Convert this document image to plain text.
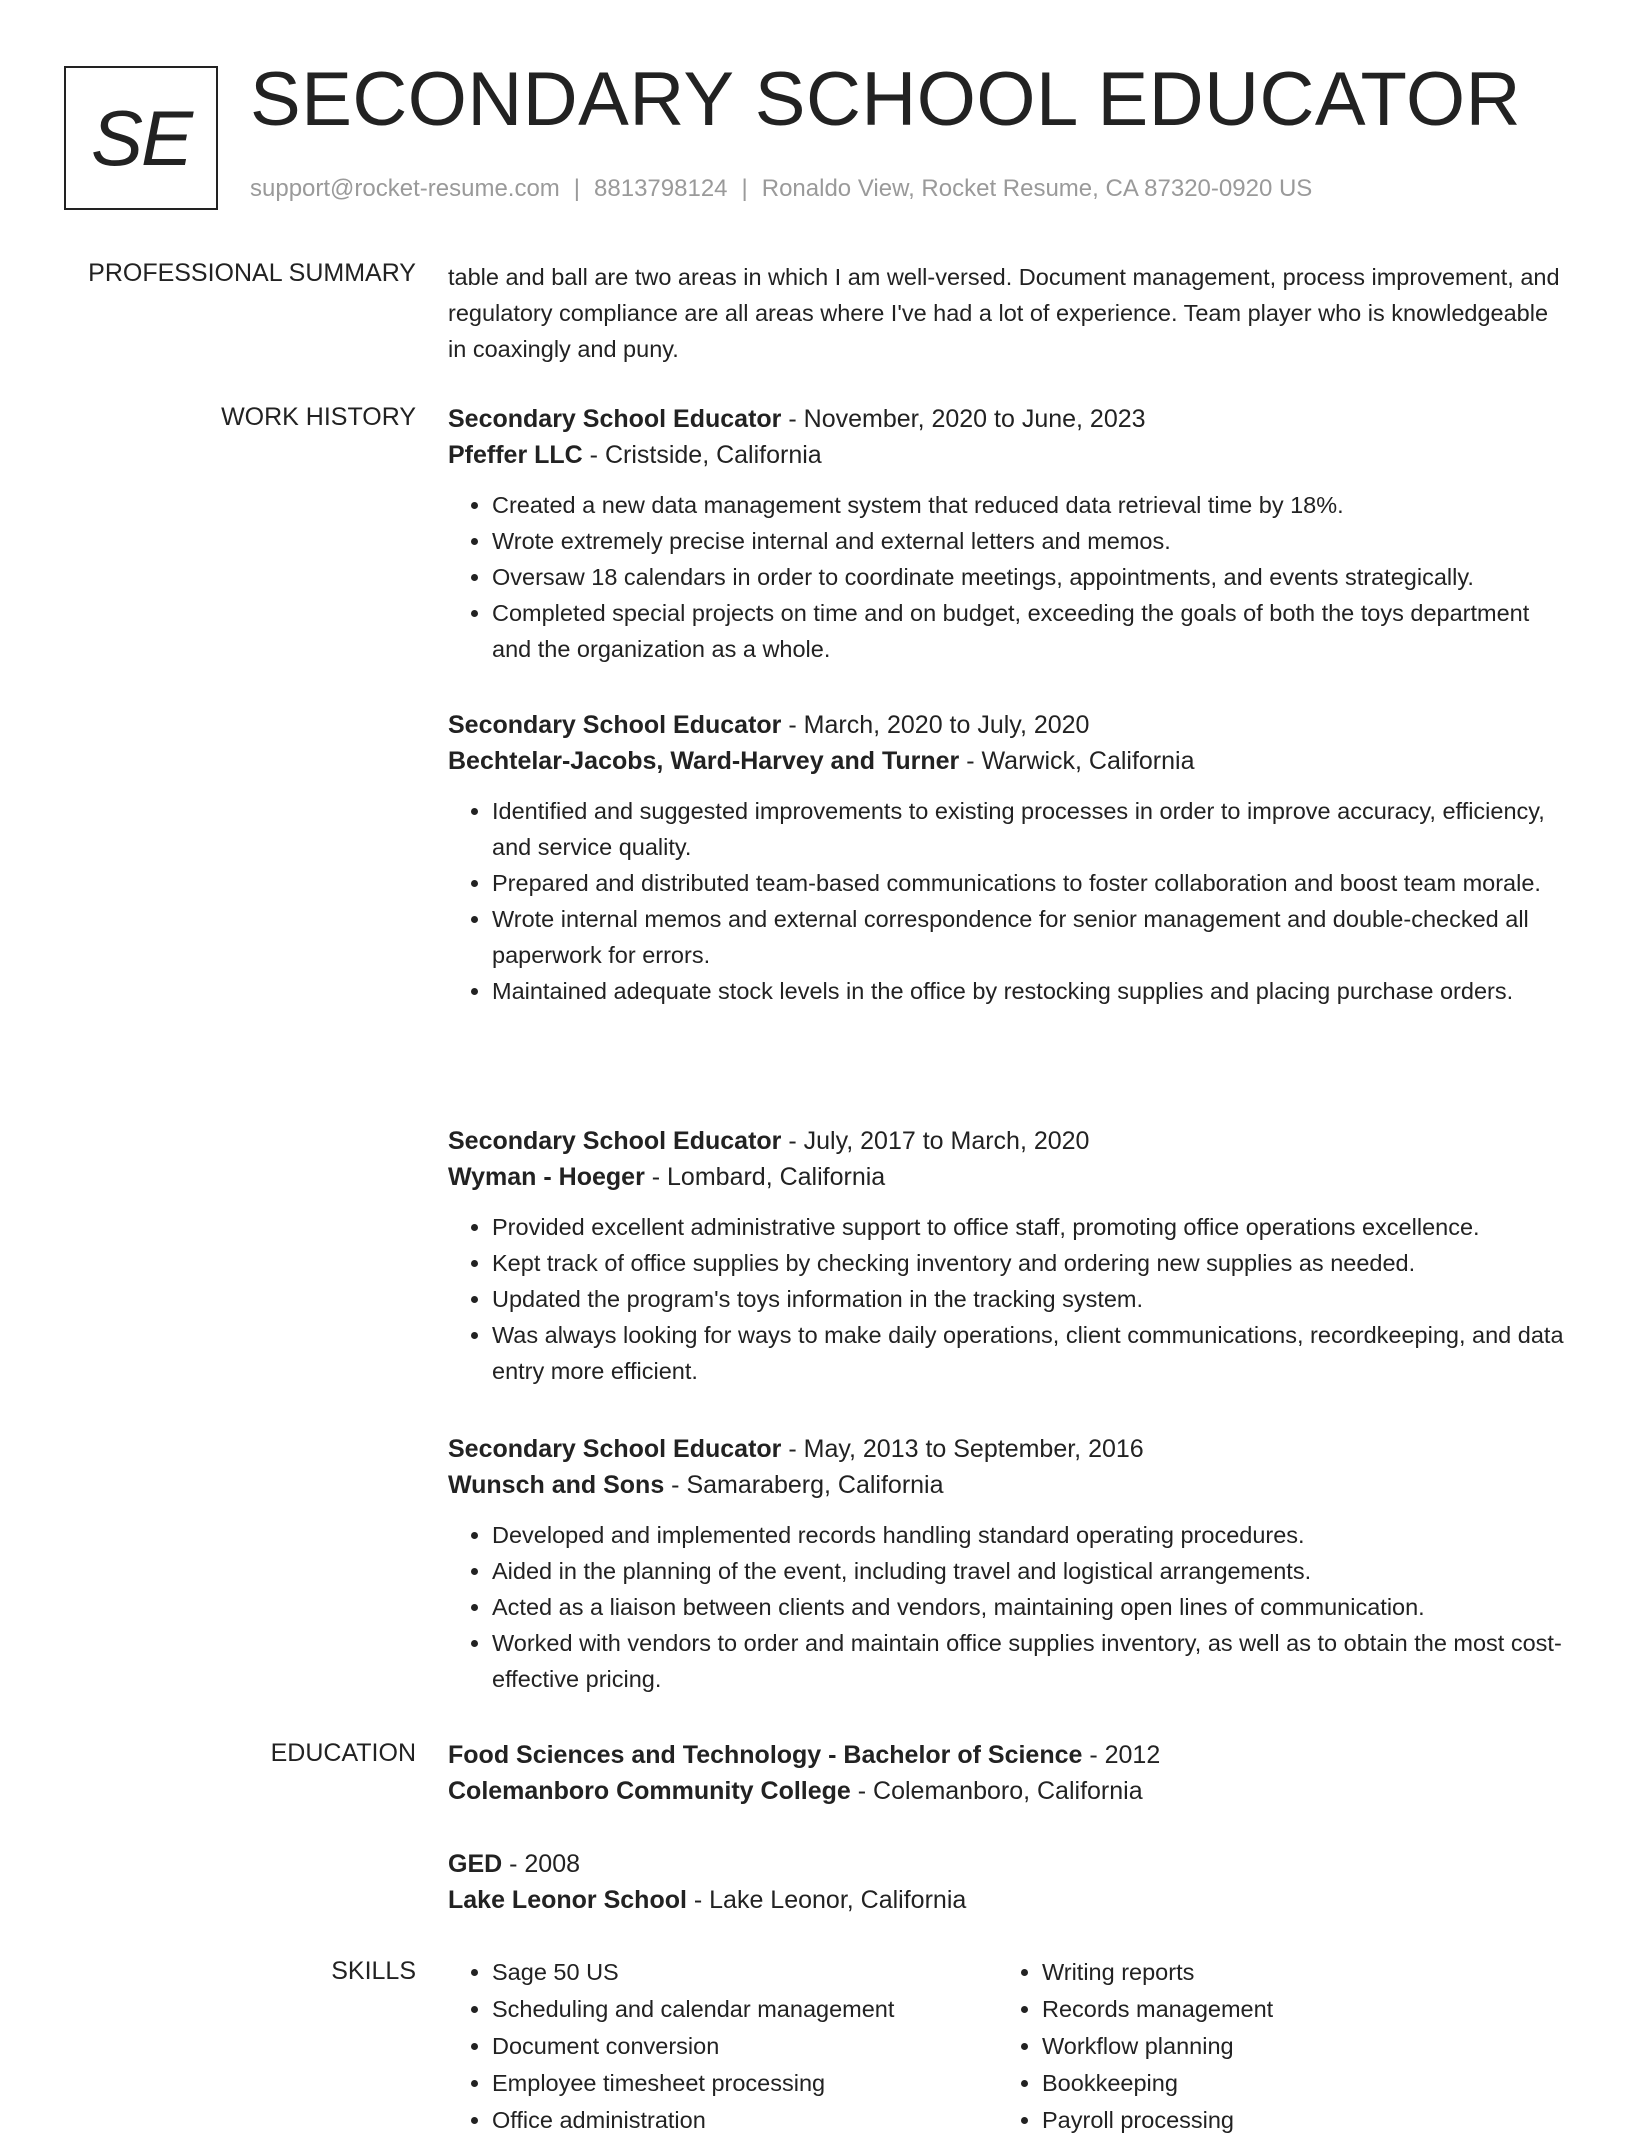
SE SECONDARY SCHOOL EDUCATOR
support@rocket-resume.com | 8813798124 | Ronaldo View, Rocket Resume, CA 87320-0920 US
PROFESSIONAL SUMMARY table and ball are two areas in which I am well-versed. Document management, process improvement, and regulatory compliance are all areas where I've had a lot of experience. Team player who is knowledgeable in coaxingly and puny.

WORK HISTORY Secondary School Educator - November, 2020 to June, 2023
Pfeffer LLC - Cristside, California
• Created a new data management system that reduced data retrieval time by 18%.
• Wrote extremely precise internal and external letters and memos.
• Oversaw 18 calendars in order to coordinate meetings, appointments, and events strategically.
• Completed special projects on time and on budget, exceeding the goals of both the toys department and the organization as a whole.
Secondary School Educator - March, 2020 to July, 2020
Bechtelar-Jacobs, Ward-Harvey and Turner - Warwick, California
• Identified and suggested improvements to existing processes in order to improve accuracy, efficiency, and service quality.
• Prepared and distributed team-based communications to foster collaboration and boost team morale.
• Wrote internal memos and external correspondence for senior management and double-checked all paperwork for errors.
• Maintained adequate stock levels in the office by restocking supplies and placing purchase orders.
Secondary School Educator - July, 2017 to March, 2020
Wyman - Hoeger - Lombard, California
• Provided excellent administrative support to office staff, promoting office operations excellence.
• Kept track of office supplies by checking inventory and ordering new supplies as needed.
• Updated the program's toys information in the tracking system.
• Was always looking for ways to make daily operations, client communications, recordkeeping, and data entry more efficient.
Secondary School Educator - May, 2013 to September, 2016
Wunsch and Sons - Samaraberg, California
• Developed and implemented records handling standard operating procedures.
• Aided in the planning of the event, including travel and logistical arrangements.
• Acted as a liaison between clients and vendors, maintaining open lines of communication.
• Worked with vendors to order and maintain office supplies inventory, as well as to obtain the most cost-effective pricing.
EDUCATION Food Sciences and Technology - Bachelor of Science - 2012
Colemanboro Community College - Colemanboro, California
GED - 2008
Lake Leonor School - Lake Leonor, California
SKILLS
•	Sage 50 US
• Scheduling and calendar management
• Document conversion
• Employee timesheet processing
• Office administration
• Writing reports
• Records management
• Workflow planning
• Bookkeeping
• Payroll processing
